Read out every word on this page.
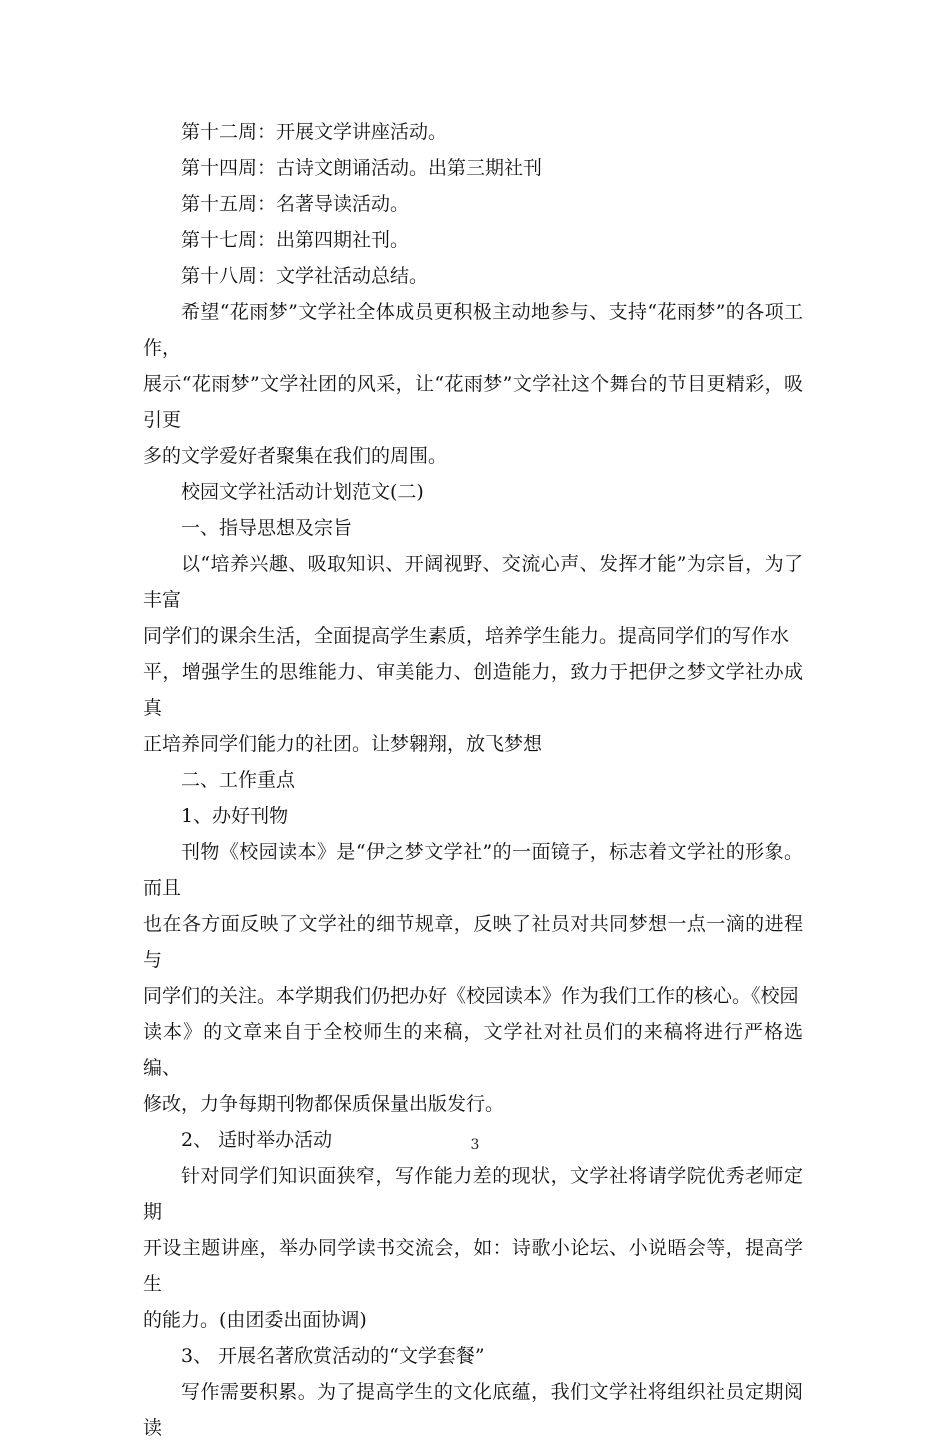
第十二周：开展文学讲座活动。

第十四周：古诗文朗诵活动。出第三期社刊

第十五周：名著导读活动。

第十七周：出第四期社刊。

第十八周：文学社活动总结。

希望“花雨梦”文学社全体成员更积极主动地参与、支持“花雨梦”的各项工作，

展示“花雨梦”文学社团的风采，让“花雨梦”文学社这个舞台的节目更精彩，吸引更

多的文学爱好者聚集在我们的周围。

校园文学社活动计划范文(二)

一、指导思想及宗旨

以“培养兴趣、吸取知识、开阔视野、交流心声、发挥才能”为宗旨，为了丰富

同学们的课余生活，全面提高学生素质，培养学生能力。提高同学们的写作水

平，增强学生的思维能力、审美能力、创造能力，致力于把伊之梦文学社办成真

正培养同学们能力的社团。让梦翱翔，放飞梦想

二、工作重点

1、办好刊物

刊物《校园读本》是“伊之梦文学社”的一面镜子，标志着文学社的形象。而且

也在各方面反映了文学社的细节规章，反映了社员对共同梦想一点一滴的进程与

同学们的关注。本学期我们仍把办好《校园读本》作为我们工作的核心。《校园

读本》的文章来自于全校师生的来稿，文学社对社员们的来稿将进行严格选编、

修改，力争每期刊物都保质保量出版发行。

2、 适时举办活动

针对同学们知识面狭窄，写作能力差的现状，文学社将请学院优秀老师定期

开设主题讲座，举办同学读书交流会，如：诗歌小论坛、小说晤会等，提高学生

的能力。(由团委出面协调)

3、 开展名著欣赏活动的“文学套餐”

写作需要积累。为了提高学生的文化底蕴，我们文学社将组织社员定期阅读

3
